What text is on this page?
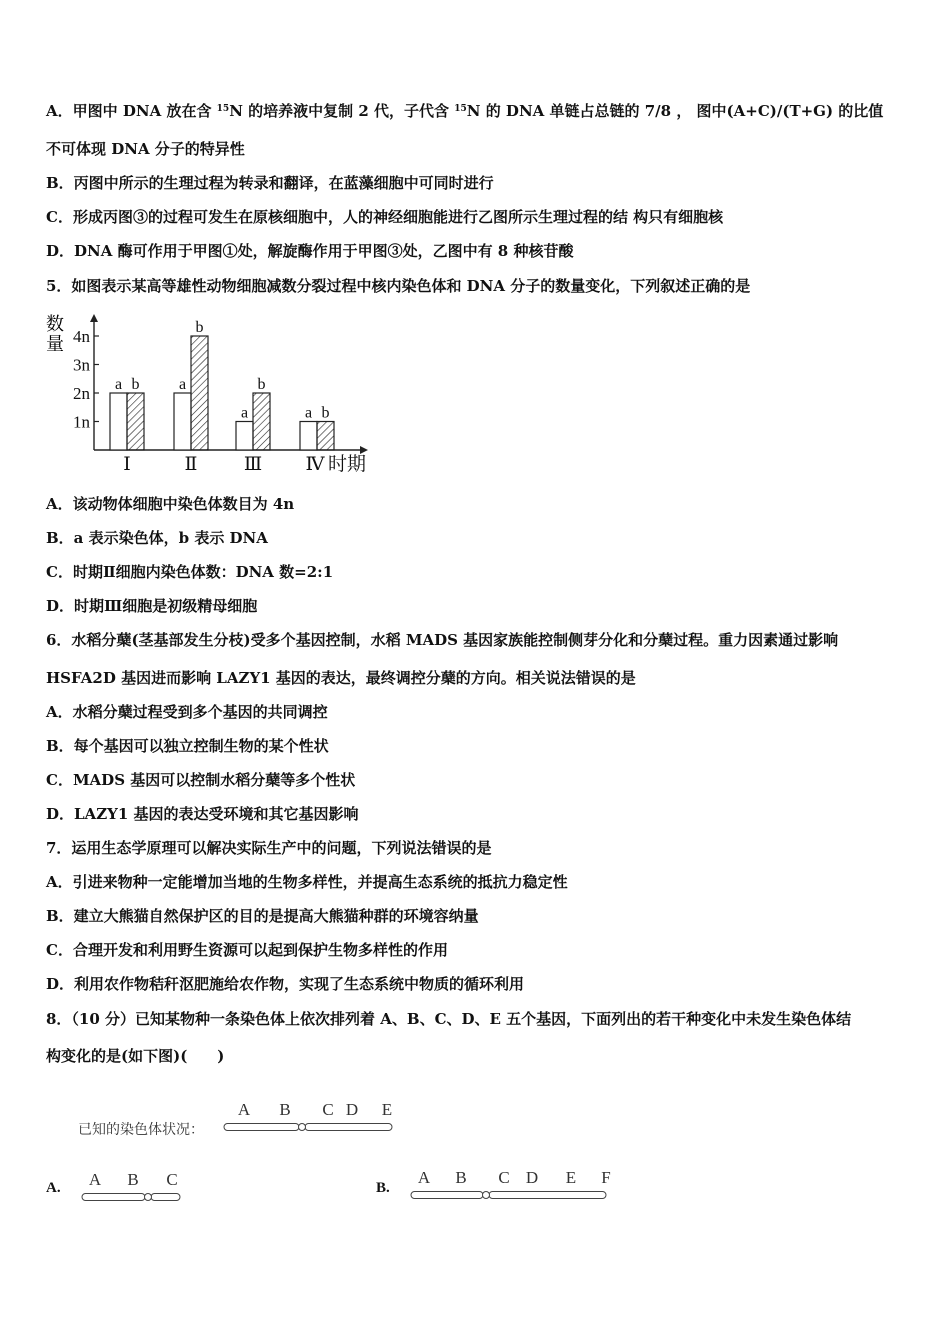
A．甲图中 DNA 放在含 $^{15}$N 的培养液中复制 2 代，子代含 $^{15}$N 的 DNA 单链占总链的 7/8 ， 图中(A+C)/(T+G) 的比值
不可体现 DNA 分子的特异性
B．丙图中所示的生理过程为转录和翻译，在蓝藻细胞中可同时进行
C．形成丙图③的过程可发生在原核细胞中，人的神经细胞能进行乙图所示生理过程的结 构只有细胞核
D．DNA 酶可作用于甲图①处，解旋酶作用于甲图③处，乙图中有 8 种核苷酸
5．如图表示某高等雄性动物细胞减数分裂过程中核内染色体和 DNA 分子的数量变化，下列叙述正确的是
数
量
1n
2n
3n
4n
a b a
b
a
b
a b
Ⅰ	Ⅱ Ⅲ Ⅳ 时期
A．该动物体细胞中染色体数目为 4n
B．a 表示染色体，b 表示 DNA
C．时期Ⅱ细胞内染色体数：DNA 数=2:1
D．时期Ⅲ细胞是初级精母细胞
6．水稻分蘖(茎基部发生分枝)受多个基因控制，水稻 MADS 基因家族能控制侧芽分化和分蘖过程。重力因素通过影响
HSFA2D 基因进而影响 LAZY1 基因的表达，最终调控分蘖的方向。相关说法错误的是
A．水稻分蘖过程受到多个基因的共同调控
B．每个基因可以独立控制生物的某个性状
C．MADS 基因可以控制水稻分蘖等多个性状
D．LAZY1 基因的表达受环境和其它基因影响
7．运用生态学原理可以解决实际生产中的问题，下列说法错误的是
A．引进来物种一定能增加当地的生物多样性，并提高生态系统的抵抗力稳定性
B．建立大熊猫自然保护区的目的是提高大熊猫种群的环境容纳量
C．合理开发和利用野生资源可以起到保护生物多样性的作用
D．利用农作物秸秆沤肥施给农作物，实现了生态系统中物质的循环利用
8．（10 分）已知某物种一条染色体上依次排列着 A、B、C、D、E 五个基因，下面列出的若干种变化中未发生染色体结
构变化的是(如下图)(　　)
已知的染色体状况：
A.	B.
A B C D E
A B C	A B C D E F
